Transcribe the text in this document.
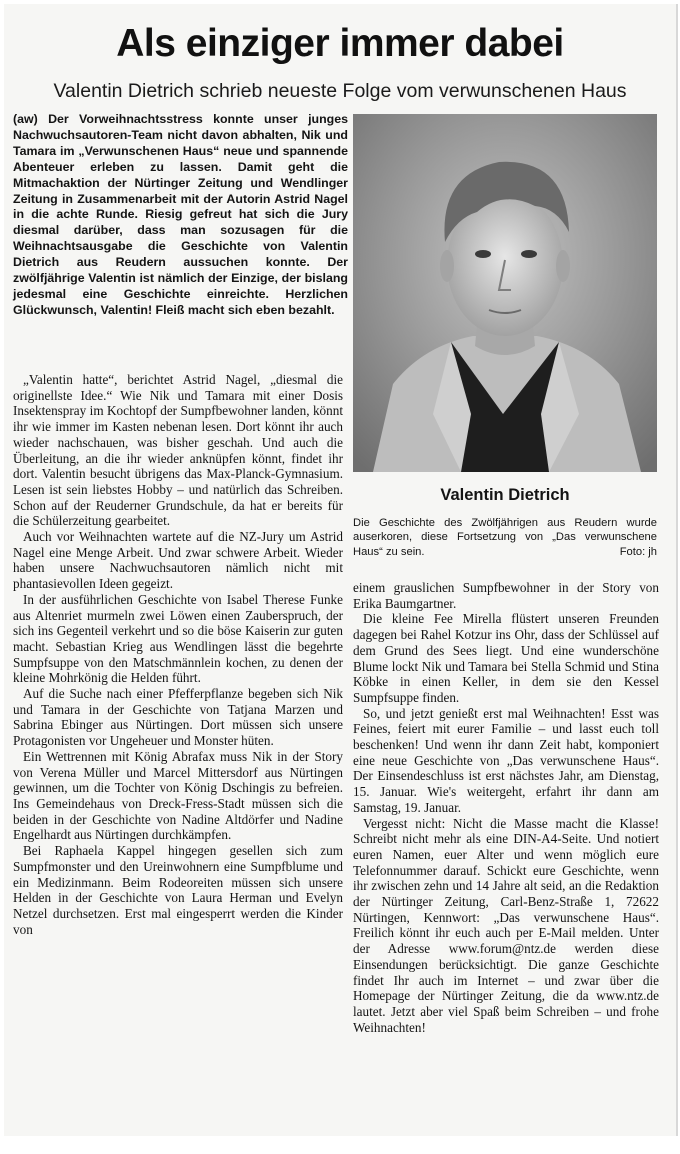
Als einziger immer dabei
Valentin Dietrich schrieb neueste Folge vom verwunschenen Haus
(aw) Der Vorweihnachtsstress konnte unser junges Nachwuchsautoren-Team nicht davon abhalten, Nik und Tamara im „Verwunschenen Haus“ neue und spannende Abenteuer erleben zu lassen. Damit geht die Mitmachaktion der Nürtinger Zeitung und Wendlinger Zeitung in Zusammenarbeit mit der Autorin Astrid Nagel in die achte Runde. Riesig gefreut hat sich die Jury diesmal darüber, dass man sozusagen für die Weihnachtsausgabe die Geschichte von Valentin Dietrich aus Reudern aussuchen konnte. Der zwölfjährige Valentin ist nämlich der Einzige, der bislang jedesmal eine Geschichte einreichte. Herzlichen Glückwunsch, Valentin! Fleiß macht sich eben bezahlt.
Valentin Dietrich
Die Geschichte des Zwölfjährigen aus Reudern wurde auserkoren, diese Fortsetzung von „Das verwunschene Haus“ zu sein.	Foto: jh

„Valentin hatte“, berichtet Astrid Nagel, „diesmal die originellste Idee.“ Wie Nik und Tamara mit einer Dosis Insektenspray im Kochtopf der Sumpfbewohner landen, könnt ihr wie immer im Kasten nebenan lesen. Dort könnt ihr auch wieder nachschauen, was bisher geschah. Und auch die Überleitung, an die ihr wieder anknüpfen könnt, findet ihr dort. Valentin besucht übrigens das Max-Planck-Gymnasium. Lesen ist sein liebstes Hobby – und natürlich das Schreiben. Schon auf der Reuderner Grundschule, da hat er bereits für die Schülerzeitung gearbeitet.

Auch vor Weihnachten wartete auf die NZ-Jury um Astrid Nagel eine Menge Arbeit. Und zwar schwere Arbeit. Wieder haben unsere Nachwuchsautoren nämlich nicht mit phantasievollen Ideen gegeizt.

In der ausführlichen Geschichte von Isabel Therese Funke aus Altenriet murmeln zwei Löwen einen Zauberspruch, der sich ins Gegenteil verkehrt und so die böse Kaiserin zur guten macht. Sebastian Krieg aus Wendlingen lässt die begehrte Sumpfsuppe von den Matschmännlein kochen, zu denen der kleine Mohrkönig die Helden führt.

Auf die Suche nach einer Pfefferpflanze begeben sich Nik und Tamara in der Geschichte von Tatjana Marzen und Sabrina Ebinger aus Nürtingen. Dort müssen sich unsere Protagonisten vor Ungeheuer und Monster hüten.

Ein Wettrennen mit König Abrafax muss Nik in der Story von Verena Müller und Marcel Mittersdorf aus Nürtingen gewinnen, um die Tochter von König Dschingis zu befreien. Ins Gemeindehaus von Dreck-Fress-Stadt müssen sich die beiden in der Geschichte von Nadine Altdörfer und Nadine Engelhardt aus Nürtingen durchkämpfen.

Bei Raphaela Kappel hingegen gesellen sich zum Sumpfmonster und den Ureinwohnern eine Sumpfblume und ein Medizinmann. Beim Rodeoreiten müssen sich unsere Helden in der Geschichte von Laura Herman und Evelyn Netzel durchsetzen. Erst mal eingesperrt werden die Kinder von

einem grauslichen Sumpfbewohner in der Story von Erika Baumgartner.

Die kleine Fee Mirella flüstert unseren Freunden dagegen bei Rahel Kotzur ins Ohr, dass der Schlüssel auf dem Grund des Sees liegt. Und eine wunderschöne Blume lockt Nik und Tamara bei Stella Schmid und Stina Köbke in einen Keller, in dem sie den Kessel Sumpfsuppe finden.

So, und jetzt genießt erst mal Weihnachten! Esst was Feines, feiert mit eurer Familie – und lasst euch toll beschenken! Und wenn ihr dann Zeit habt, komponiert eine neue Geschichte von „Das verwunschene Haus“. Der Einsendeschluss ist erst nächstes Jahr, am Dienstag, 15. Januar. Wie's weitergeht, erfahrt ihr dann am Samstag, 19. Januar.

Vergesst nicht: Nicht die Masse macht die Klasse! Schreibt nicht mehr als eine DIN-A4-Seite. Und notiert euren Namen, euer Alter und wenn möglich eure Telefonnummer darauf. Schickt eure Geschichte, wenn ihr zwischen zehn und 14 Jahre alt seid, an die Redaktion der Nürtinger Zeitung, Carl-Benz-Straße 1, 72622 Nürtingen, Kennwort: „Das verwunschene Haus“. Freilich könnt ihr euch auch per E-Mail melden. Unter der Adresse www.forum@ntz.de werden diese Einsendungen berücksichtigt. Die ganze Geschichte findet Ihr auch im Internet – und zwar über die Homepage der Nürtinger Zeitung, die da www.ntz.de lautet. Jetzt aber viel Spaß beim Schreiben – und frohe Weihnachten!
